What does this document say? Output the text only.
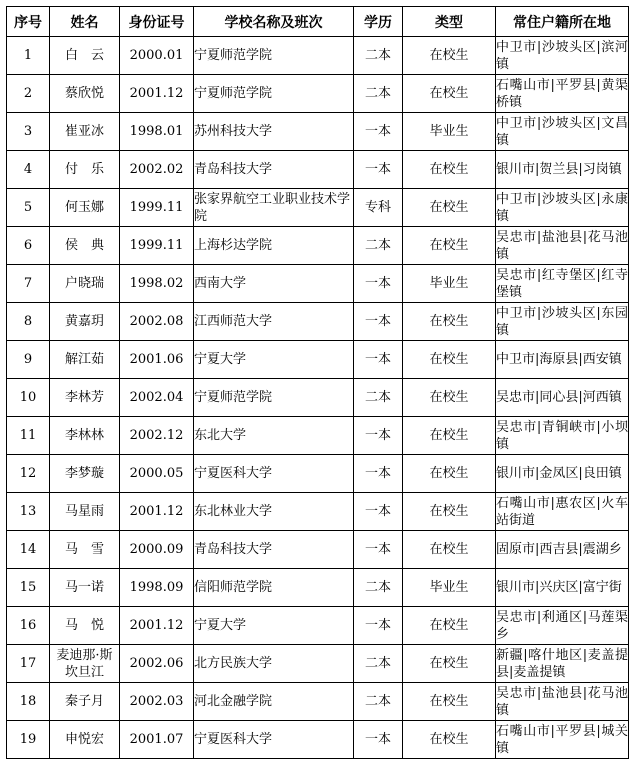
序号	姓名	身份证号	学校名称及班次	学历	类型	常住户籍所在地
1	白　云	2000.01	宁夏师范学院	二本	在校生	中卫市|沙坡头区|滨河镇
2	蔡欣悦	2001.12	宁夏师范学院	二本	在校生	石嘴山市|平罗县|黄渠桥镇
3	崔亚冰	1998.01	苏州科技大学	一本	毕业生	中卫市|沙坡头区|文昌镇
4	付　乐	2002.02	青岛科技大学	一本	在校生	银川市|贺兰县|习岗镇
5	何玉娜	1999.11	张家界航空工业职业技术学院	专科	在校生	中卫市|沙坡头区|永康镇
6	侯　典	1999.11	上海杉达学院	二本	在校生	吴忠市|盐池县|花马池镇
7	户晓瑞	1998.02	西南大学	一本	毕业生	吴忠市|红寺堡区|红寺堡镇
8	黄嘉玥	2002.08	江西师范大学	一本	在校生	中卫市|沙坡头区|东园镇
9	解江茹	2001.06	宁夏大学	一本	在校生	中卫市|海原县|西安镇
10	李林芳	2002.04	宁夏师范学院	二本	在校生	吴忠市|同心县|河西镇
11	李林林	2002.12	东北大学	一本	在校生	吴忠市|青铜峡市|小坝镇
12	李梦璇	2000.05	宁夏医科大学	一本	在校生	银川市|金凤区|良田镇
13	马星雨	2001.12	东北林业大学	一本	在校生	石嘴山市|惠农区|火车站街道
14	马　雪	2000.09	青岛科技大学	一本	在校生	固原市|西吉县|震湖乡
15	马一诺	1998.09	信阳师范学院	二本	毕业生	银川市|兴庆区|富宁街
16	马　悦	2001.12	宁夏大学	一本	在校生	吴忠市|利通区|马莲渠乡
17	麦迪那·斯坎旦江	2002.06	北方民族大学	二本	在校生	新疆|喀什地区|麦盖提县|麦盖提镇
18	秦子月	2002.03	河北金融学院	二本	在校生	吴忠市|盐池县|花马池镇
19	申悦宏	2001.07	宁夏医科大学	一本	在校生	石嘴山市|平罗县|城关镇
